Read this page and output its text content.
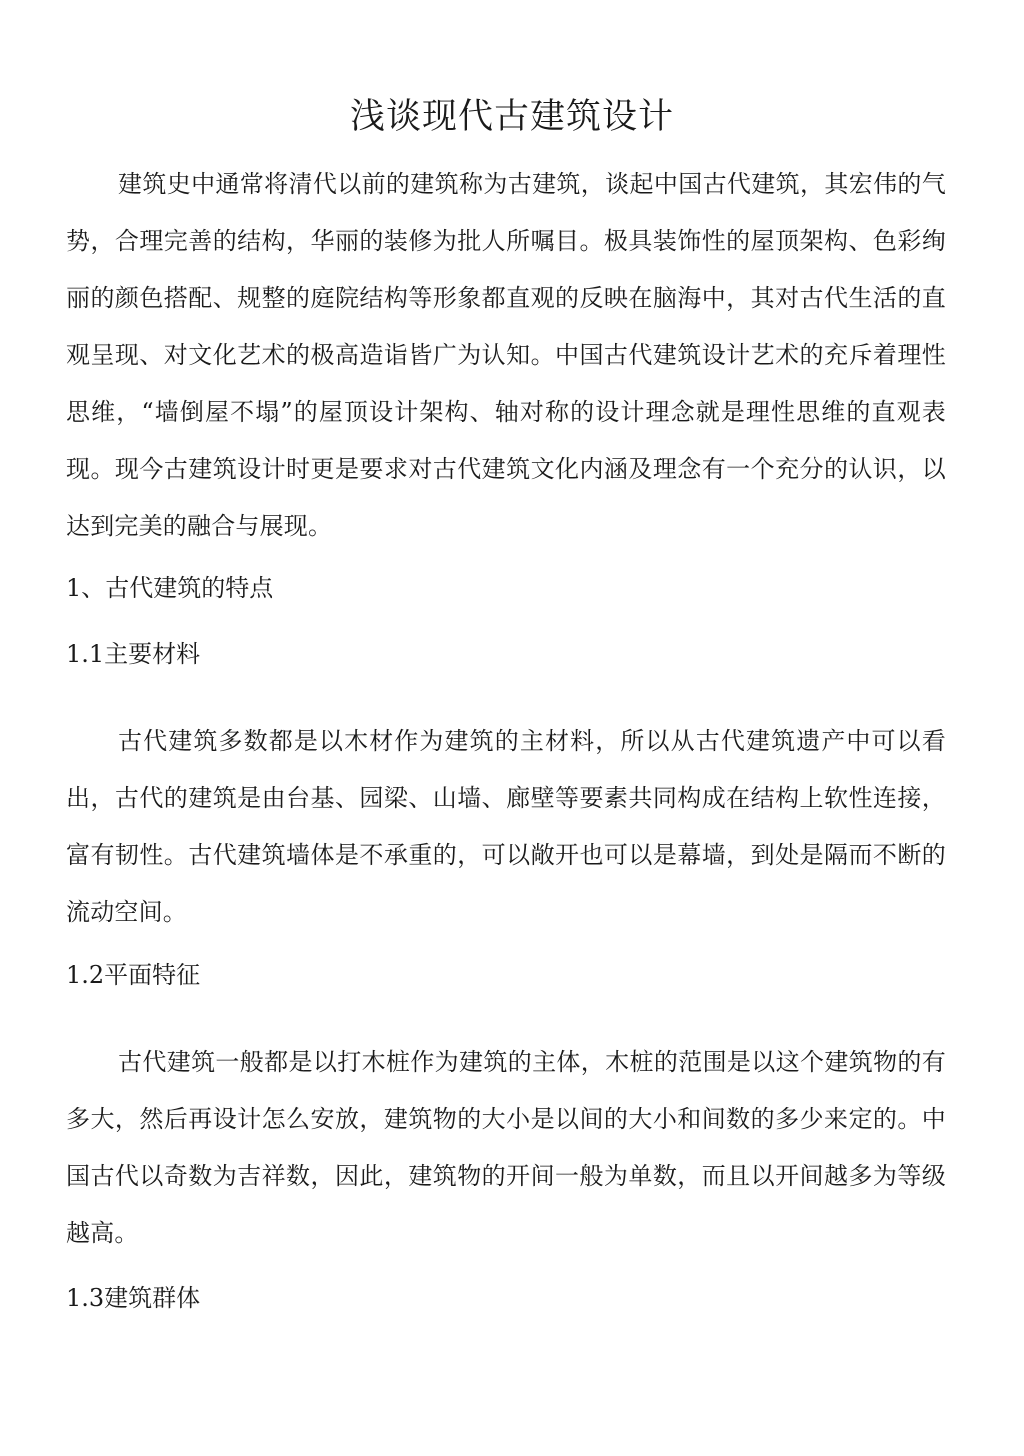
浅谈现代古建筑设计

建筑史中通常将清代以前的建筑称为古建筑，谈起中国古代建筑，其宏伟的气势，合理完善的结构，华丽的装修为批人所嘱目。极具装饰性的屋顶架构、色彩绚丽的颜色搭配、规整的庭院结构等形象都直观的反映在脑海中，其对古代生活的直观呈现、对文化艺术的极高造诣皆广为认知。中国古代建筑设计艺术的充斥着理性思维，“墙倒屋不塌”的屋顶设计架构、轴对称的设计理念就是理性思维的直观表现。现今古建筑设计时更是要求对古代建筑文化内涵及理念有一个充分的认识，以达到完美的融合与展现。

1、古代建筑的特点
1.1主要材料

古代建筑多数都是以木材作为建筑的主材料，所以从古代建筑遗产中可以看出，古代的建筑是由台基、园梁、山墙、廊壁等要素共同构成在结构上软性连接，富有韧性。古代建筑墙体是不承重的，可以敞开也可以是幕墙，到处是隔而不断的流动空间。

1.2平面特征

古代建筑一般都是以打木桩作为建筑的主体，木桩的范围是以这个建筑物的有多大，然后再设计怎么安放，建筑物的大小是以间的大小和间数的多少来定的。中国古代以奇数为吉祥数，因此，建筑物的开间一般为单数，而且以开间越多为等级越高。

1.3建筑群体
